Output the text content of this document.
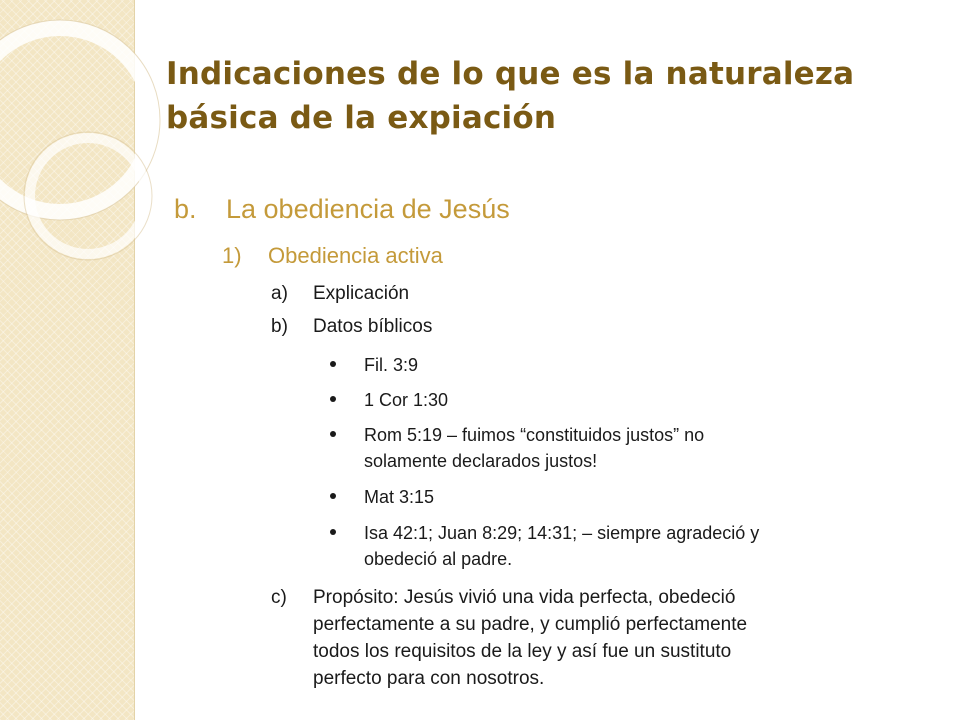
Indicaciones de lo que es la naturaleza
básica de la expiación
b. La obediencia de Jesús
1) Obediencia activa
a) Explicación
b) Datos bíblicos
Fil. 3:9
1 Cor 1:30
Rom 5:19 – fuimos “constituidos justos” no
solamente declarados justos!
Mat 3:15
Isa 42:1; Juan 8:29; 14:31; – siempre agradeció y
obedeció al padre.
c) Propósito: Jesús vivió una vida perfecta, obedeció
perfectamente a su padre, y cumplió perfectamente
todos los requisitos de la ley y así fue un sustituto
perfecto para con nosotros.
